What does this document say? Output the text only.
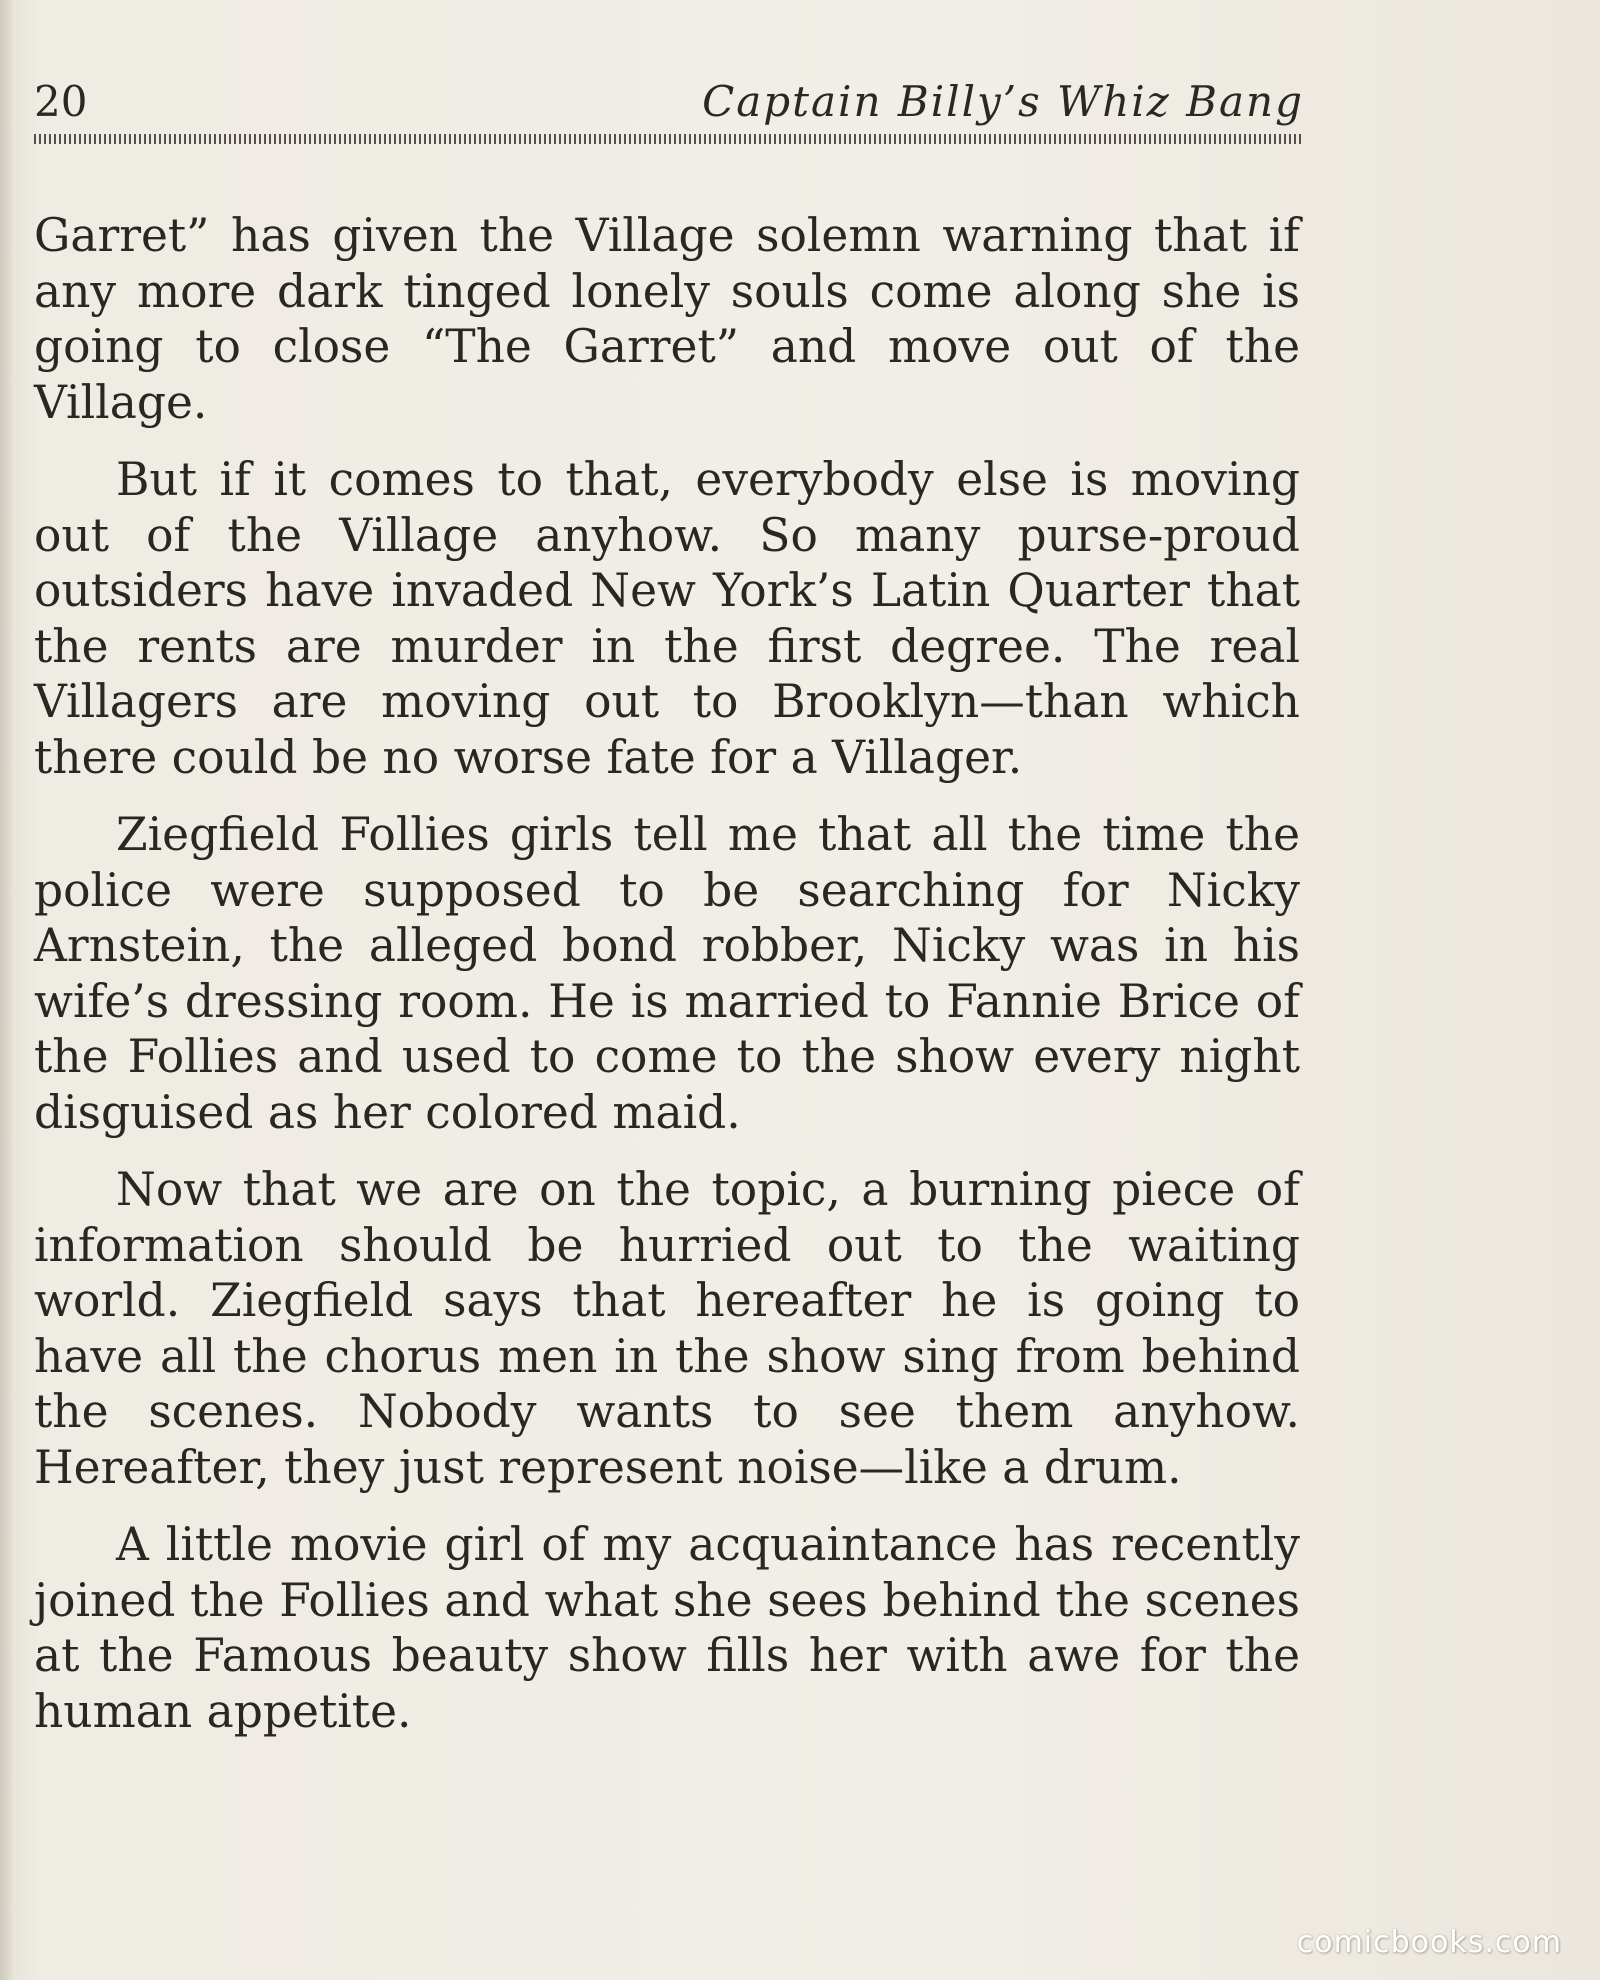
20	Captain Billy’s Whiz Bang

Garret” has given the Village solemn warning that if any more dark tinged lonely souls come along she is going to close “The Garret” and move out of the Village.

But if it comes to that, everybody else is moving out of the Village anyhow. So many purse-proud outsiders have invaded New York’s Latin Quarter that the rents are murder in the first degree. The real Villagers are moving out to Brooklyn—than which there could be no worse fate for a Villager.

Ziegfield Follies girls tell me that all the time the police were supposed to be searching for Nicky Arnstein, the alleged bond robber, Nicky was in his wife’s dressing room. He is married to Fannie Brice of the Follies and used to come to the show every night disguised as her colored maid.

Now that we are on the topic, a burning piece of information should be hurried out to the waiting world. Ziegfield says that hereafter he is going to have all the chorus men in the show sing from behind the scenes. Nobody wants to see them anyhow. Hereafter, they just represent noise—like a drum.

A little movie girl of my acquaintance has recently joined the Follies and what she sees behind the scenes at the Famous beauty show fills her with awe for the human appetite.

comicbooks.com
